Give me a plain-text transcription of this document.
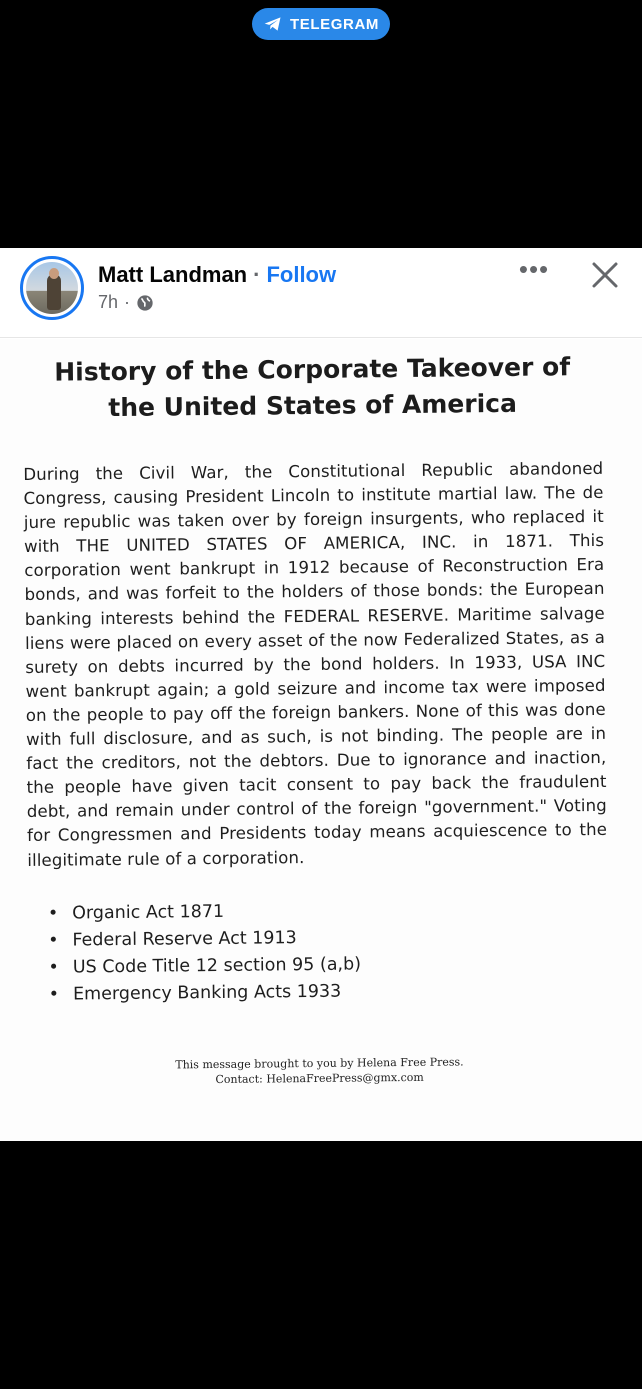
TELEGRAM
Matt Landman · Follow
7h ·
•••
History of the Corporate Takeover of
the United States of America

During the Civil War, the Constitutional Republic abandoned Congress, causing President Lincoln to institute martial law. The de jure republic was taken over by foreign insurgents, who replaced it with THE UNITED STATES OF AMERICA, INC. in 1871. This corporation went bankrupt in 1912 because of Reconstruction Era bonds, and was forfeit to the holders of those bonds: the European banking interests behind the FEDERAL RESERVE. Maritime salvage liens were placed on every asset of the now Federalized States, as a surety on debts incurred by the bond holders. In 1933, USA INC went bankrupt again; a gold seizure and income tax were imposed on the people to pay off the foreign bankers. None of this was done with full disclosure, and as such, is not binding. The people are in fact the creditors, not the debtors. Due to ignorance and inaction, the people have given tacit consent to pay back the fraudulent debt, and remain under control of the foreign "government." Voting for Congressmen and Presidents today means acquiescence to the illegitimate rule of a corporation.

• Organic Act 1871
• Federal Reserve Act 1913
• US Code Title 12 section 95 (a,b)
• Emergency Banking Acts 1933
This message brought to you by Helena Free Press.
Contact: HelenaFreePress@gmx.com
